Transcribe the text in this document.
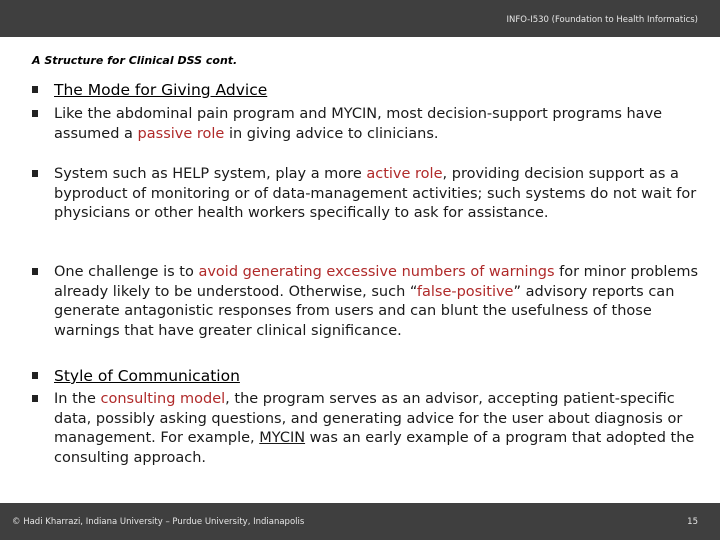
INFO-I530 (Foundation to Health Informatics)
A Structure for Clinical DSS cont.
The Mode for Giving Advice
Like the abdominal pain program and MYCIN, most decision-support programs have assumed a passive role in giving advice to clinicians.
System such as HELP system, play a more active role, providing decision support as a byproduct of monitoring or of data-management activities; such systems do not wait for physicians or other health workers specifically to ask for assistance.
One challenge is to avoid generating excessive numbers of warnings for minor problems already likely to be understood. Otherwise, such “false-positive” advisory reports can generate antagonistic responses from users and can blunt the usefulness of those warnings that have greater clinical significance.
Style of Communication
In the consulting model, the program serves as an advisor, accepting patient-specific data, possibly asking questions, and generating advice for the user about diagnosis or management. For example, MYCIN was an early example of a program that adopted the consulting approach.
© Hadi Kharrazi, Indiana University – Purdue University, Indianapolis	15
